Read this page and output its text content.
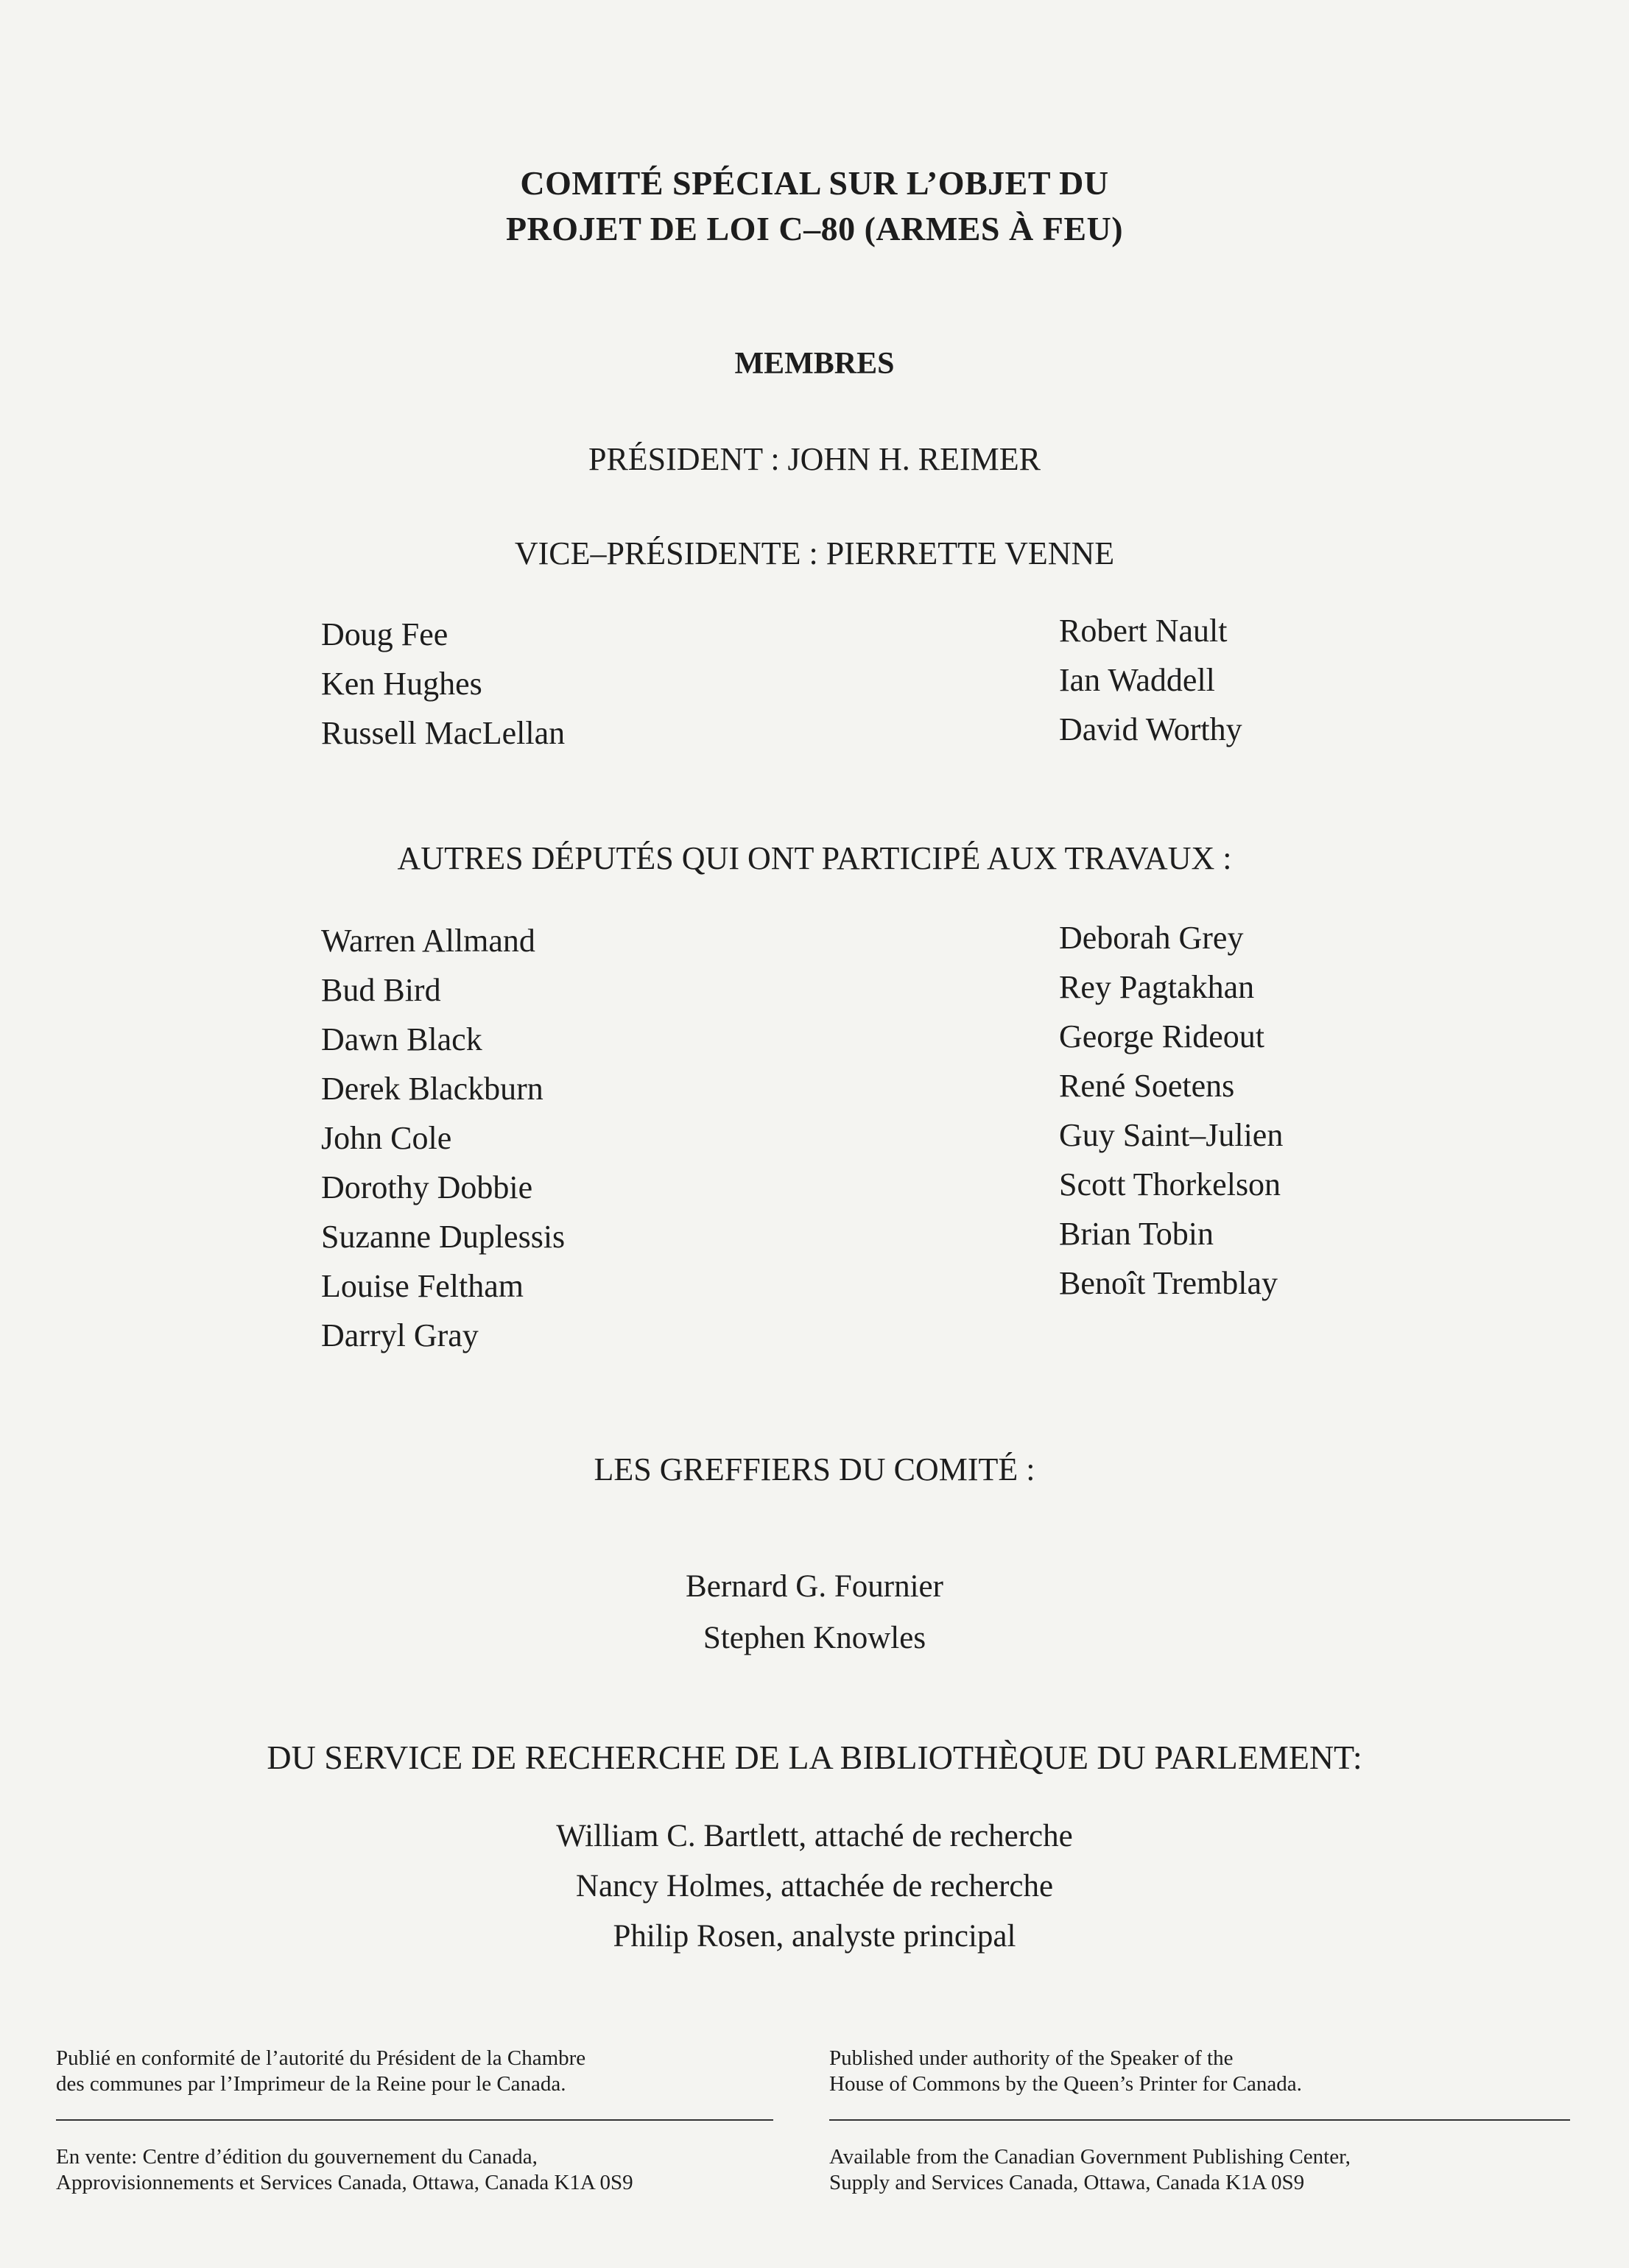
COMITÉ SPÉCIAL SUR L’OBJET DU
PROJET DE LOI C–80 (ARMES À FEU)
MEMBRES
PRÉSIDENT : JOHN H. REIMER
VICE–PRÉSIDENTE : PIERRETTE VENNE
Doug Fee
Ken Hughes
Russell MacLellan
Robert Nault
Ian Waddell
David Worthy
AUTRES DÉPUTÉS QUI ONT PARTICIPÉ AUX TRAVAUX :
Warren Allmand
Bud Bird
Dawn Black
Derek Blackburn
John Cole
Dorothy Dobbie
Suzanne Duplessis
Louise Feltham
Darryl Gray
Deborah Grey
Rey Pagtakhan
George Rideout
René Soetens
Guy Saint–Julien
Scott Thorkelson
Brian Tobin
Benoît Tremblay
LES GREFFIERS DU COMITÉ :
Bernard G. Fournier
Stephen Knowles
DU SERVICE DE RECHERCHE DE LA BIBLIOTHÈQUE DU PARLEMENT:
William C. Bartlett, attaché de recherche
Nancy Holmes, attachée de recherche
Philip Rosen, analyste principal
Publié en conformité de l’autorité du Président de la Chambre
des communes par l’Imprimeur de la Reine pour le Canada.
Published under authority of the Speaker of the
House of Commons by the Queen’s Printer for Canada.
En vente: Centre d’édition du gouvernement du Canada,
Approvisionnements et Services Canada, Ottawa, Canada K1A 0S9
Available from the Canadian Government Publishing Center,
Supply and Services Canada, Ottawa, Canada K1A 0S9
